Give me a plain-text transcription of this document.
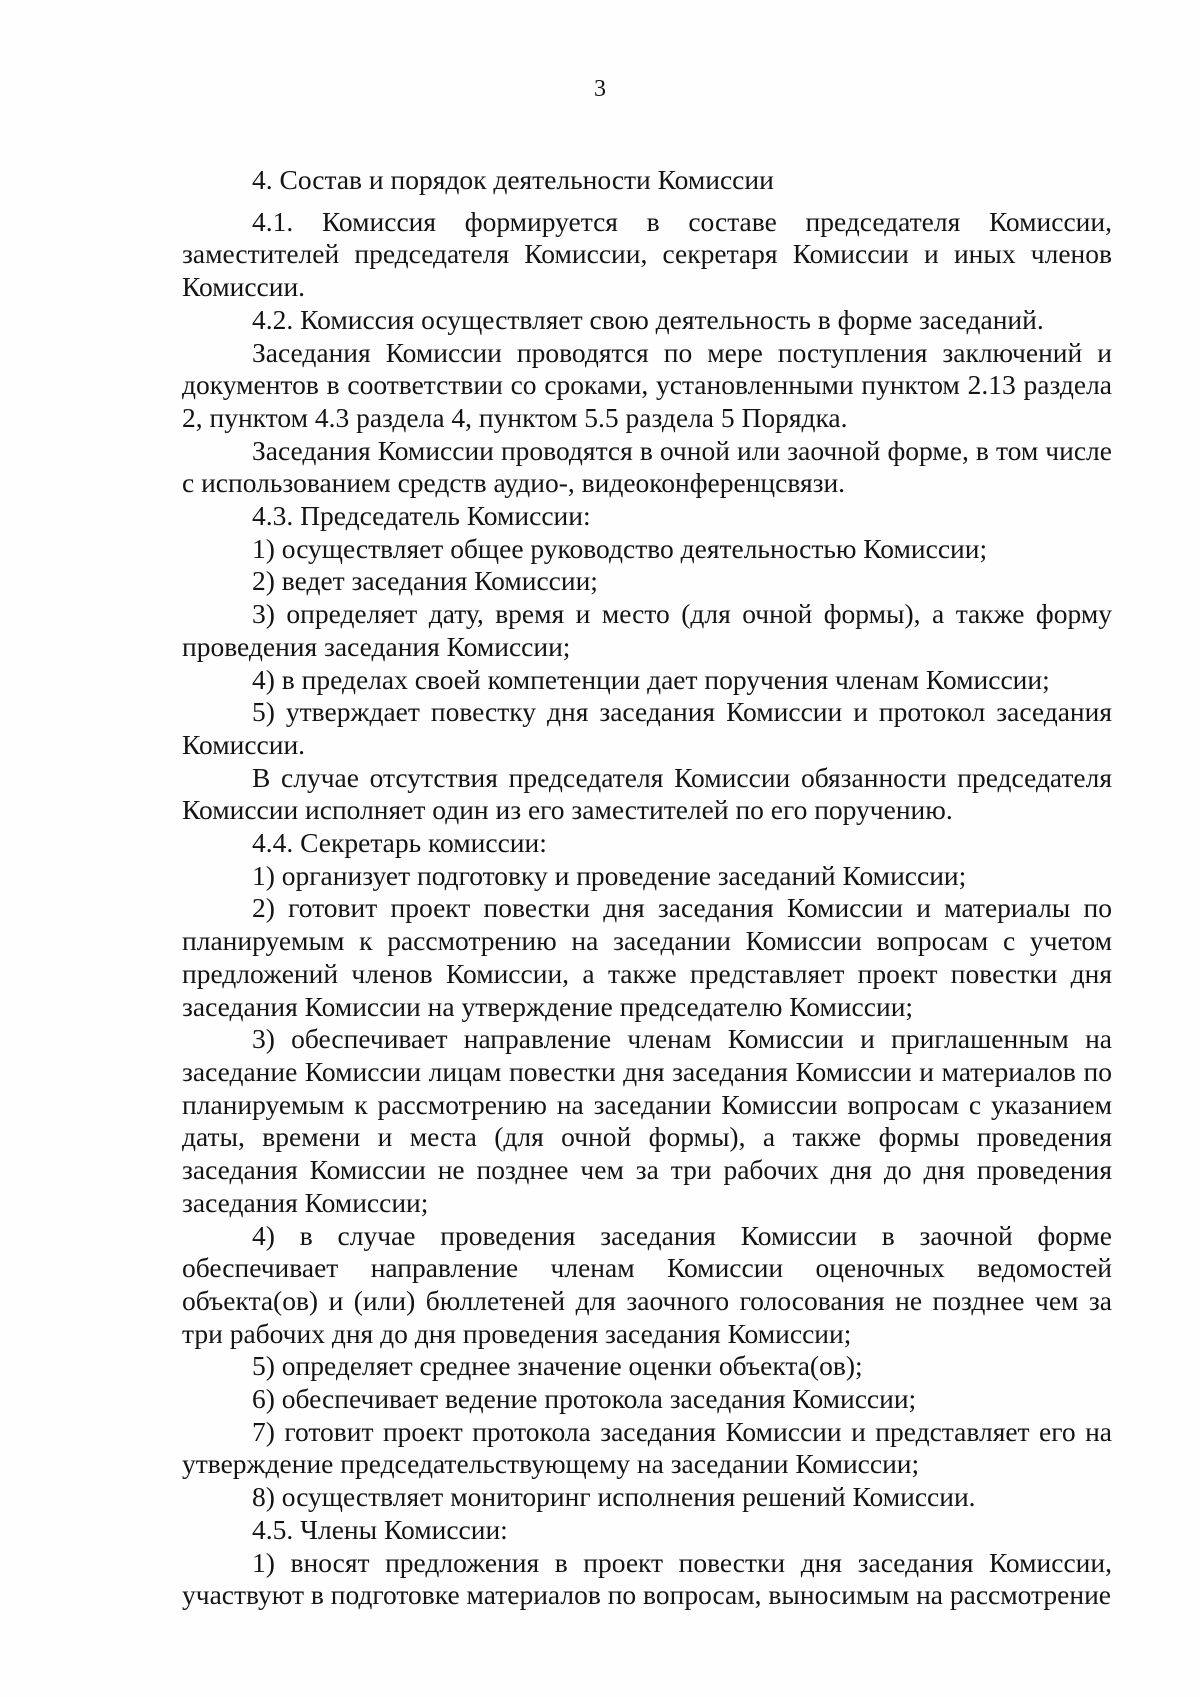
3

4. Состав и порядок деятельности Комиссии

4.1. Комиссия формируется в составе председателя Комиссии, заместителей председателя Комиссии, секретаря Комиссии и иных членов Комиссии.

4.2. Комиссия осуществляет свою деятельность в форме заседаний.

Заседания Комиссии проводятся по мере поступления заключений и документов в соответствии со сроками, установленными пунктом 2.13 раздела 2, пунктом 4.3 раздела 4, пунктом 5.5 раздела 5 Порядка.

Заседания Комиссии проводятся в очной или заочной форме, в том числе с использованием средств аудио-, видеоконференцсвязи.

4.3. Председатель Комиссии:

1) осуществляет общее руководство деятельностью Комиссии;

2) ведет заседания Комиссии;

3) определяет дату, время и место (для очной формы), а также форму проведения заседания Комиссии;

4) в пределах своей компетенции дает поручения членам Комиссии;

5) утверждает повестку дня заседания Комиссии и протокол заседания Комиссии.

В случае отсутствия председателя Комиссии обязанности председателя Комиссии исполняет один из его заместителей по его поручению.

4.4. Секретарь комиссии:

1) организует подготовку и проведение заседаний Комиссии;

2) готовит проект повестки дня заседания Комиссии и материалы по планируемым к рассмотрению на заседании Комиссии вопросам с учетом предложений членов Комиссии, а также представляет проект повестки дня заседания Комиссии на утверждение председателю Комиссии;

3) обеспечивает направление членам Комиссии и приглашенным на заседание Комиссии лицам повестки дня заседания Комиссии и материалов по планируемым к рассмотрению на заседании Комиссии вопросам с указанием даты, времени и места (для очной формы), а также формы проведения заседания Комиссии не позднее чем за три рабочих дня до дня проведения заседания Комиссии;

4) в случае проведения заседания Комиссии в заочной форме обеспечивает направление членам Комиссии оценочных ведомостей объекта(ов) и (или) бюллетеней для заочного голосования не позднее чем за три рабочих дня до дня проведения заседания Комиссии;

5) определяет среднее значение оценки объекта(ов);

6) обеспечивает ведение протокола заседания Комиссии;

7) готовит проект протокола заседания Комиссии и представляет его на утверждение председательствующему на заседании Комиссии;

8) осуществляет мониторинг исполнения решений Комиссии.

4.5. Члены Комиссии:

1) вносят предложения в проект повестки дня заседания Комиссии, участвуют в подготовке материалов по вопросам, выносимым на рассмотрение
